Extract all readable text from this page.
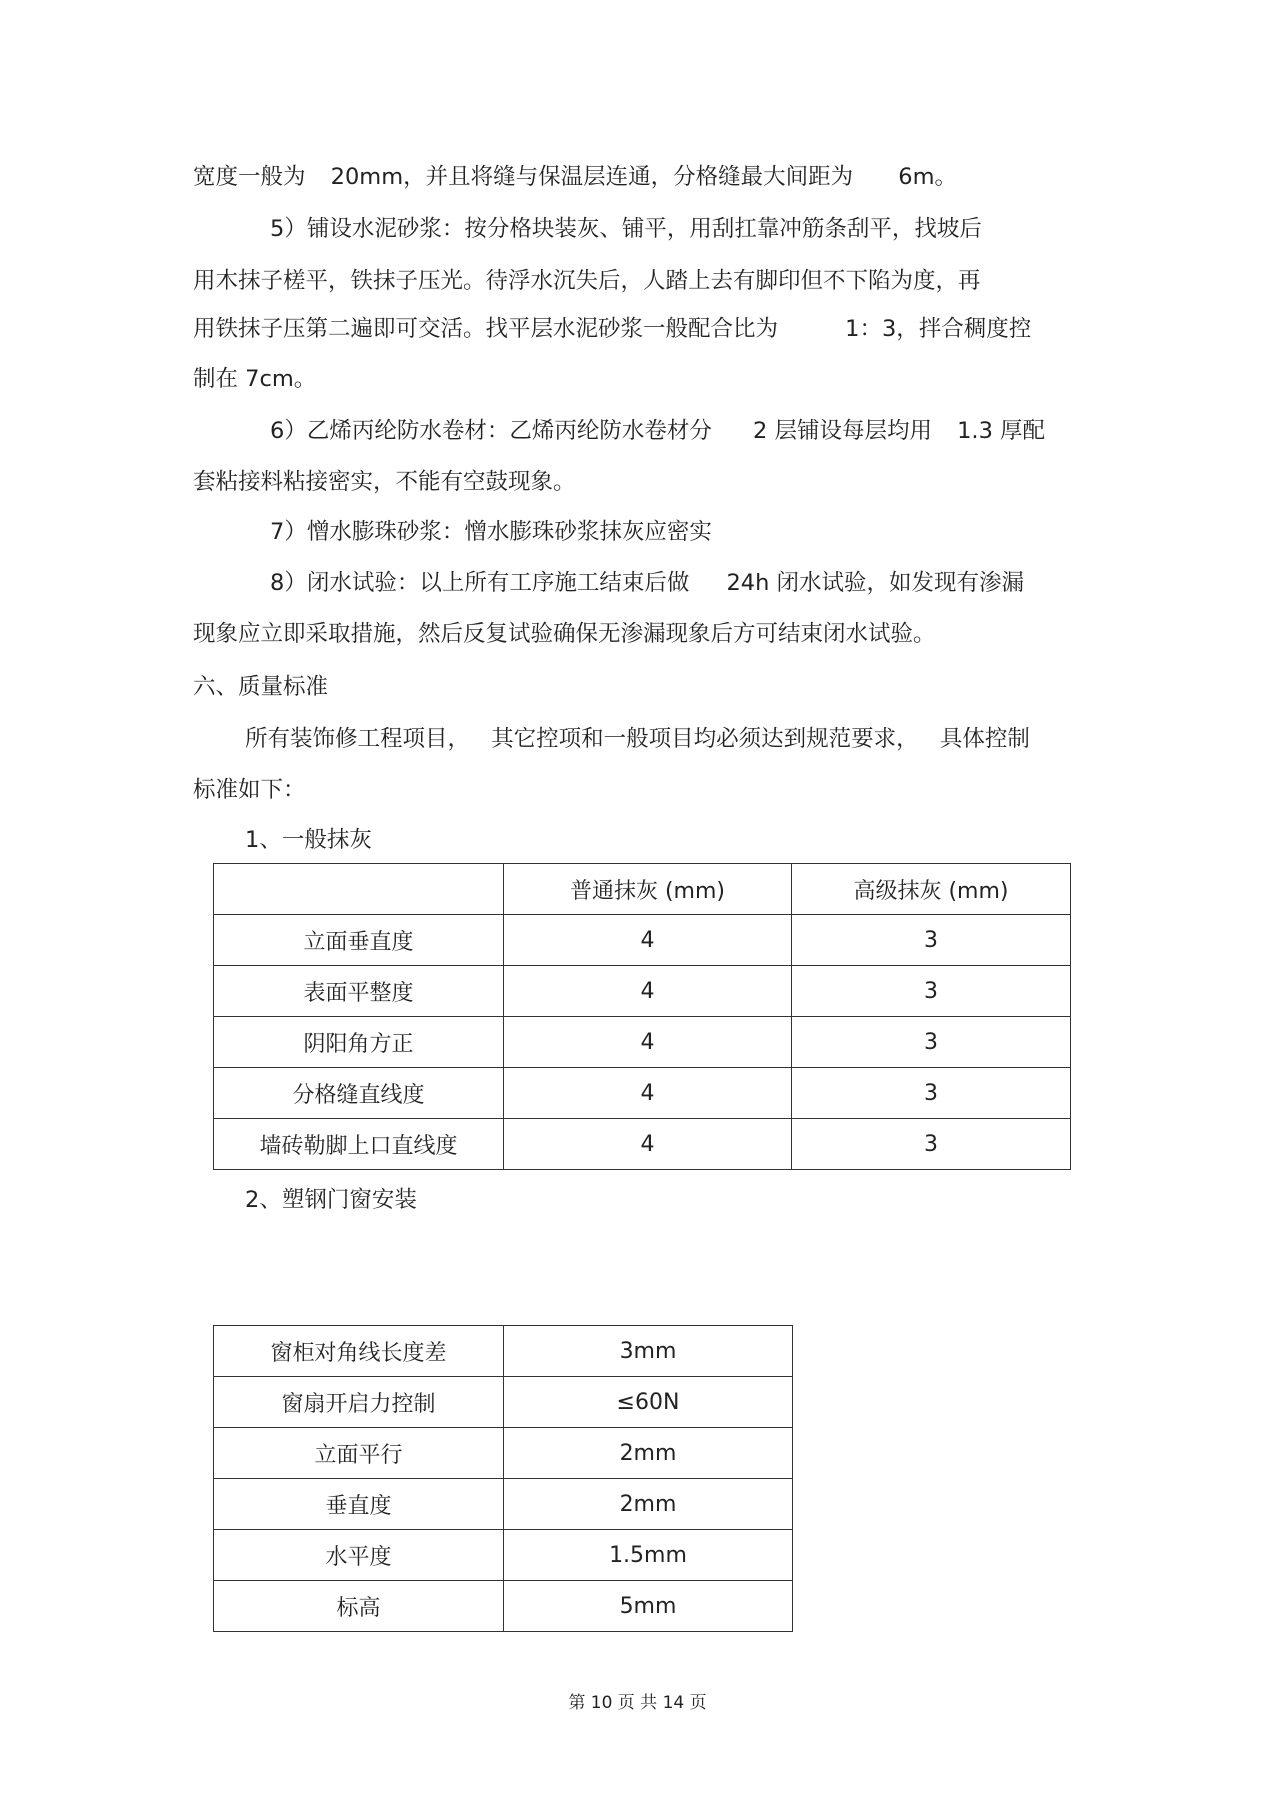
宽度一般为 20mm，并且将缝与保温层连通，分格缝最大间距为 6m。
5）铺设水泥砂浆：按分格块装灰、铺平，用刮扛靠冲筋条刮平，找坡后
用木抹子槎平，铁抹子压光。待浮水沉失后，人踏上去有脚印但不下陷为度，再
用铁抹子压第二遍即可交活。找平层水泥砂浆一般配合比为	1：3，拌合稠度控
制在 7cm。
6）乙烯丙纶防水卷材：乙烯丙纶防水卷材分 2 层铺设每层均用 1.3 厚配
套粘接料粘接密实，不能有空鼓现象。
7）憎水膨珠砂浆：憎水膨珠砂浆抹灰应密实
8）闭水试验：以上所有工序施工结束后做 24h 闭水试验，如发现有渗漏
现象应立即采取措施，然后反复试验确保无渗漏现象后方可结束闭水试验。
六、质量标准
所有装饰修工程项目， 其它控项和一般项目均必须达到规范要求， 具体控制
标准如下：
1、一般抹灰
	普通抹灰 (mm)	高级抹灰 (mm)
立面垂直度	4	3
表面平整度	4	3
阴阳角方正	4	3
分格缝直线度	4	3
墙砖勒脚上口直线度	4	3
2、塑钢门窗安装
窗柜对角线长度差	3mm
窗扇开启力控制	≤60N
立面平行	2mm
垂直度	2mm
水平度	1.5mm
标高	5mm
第 10 页 共 14 页
